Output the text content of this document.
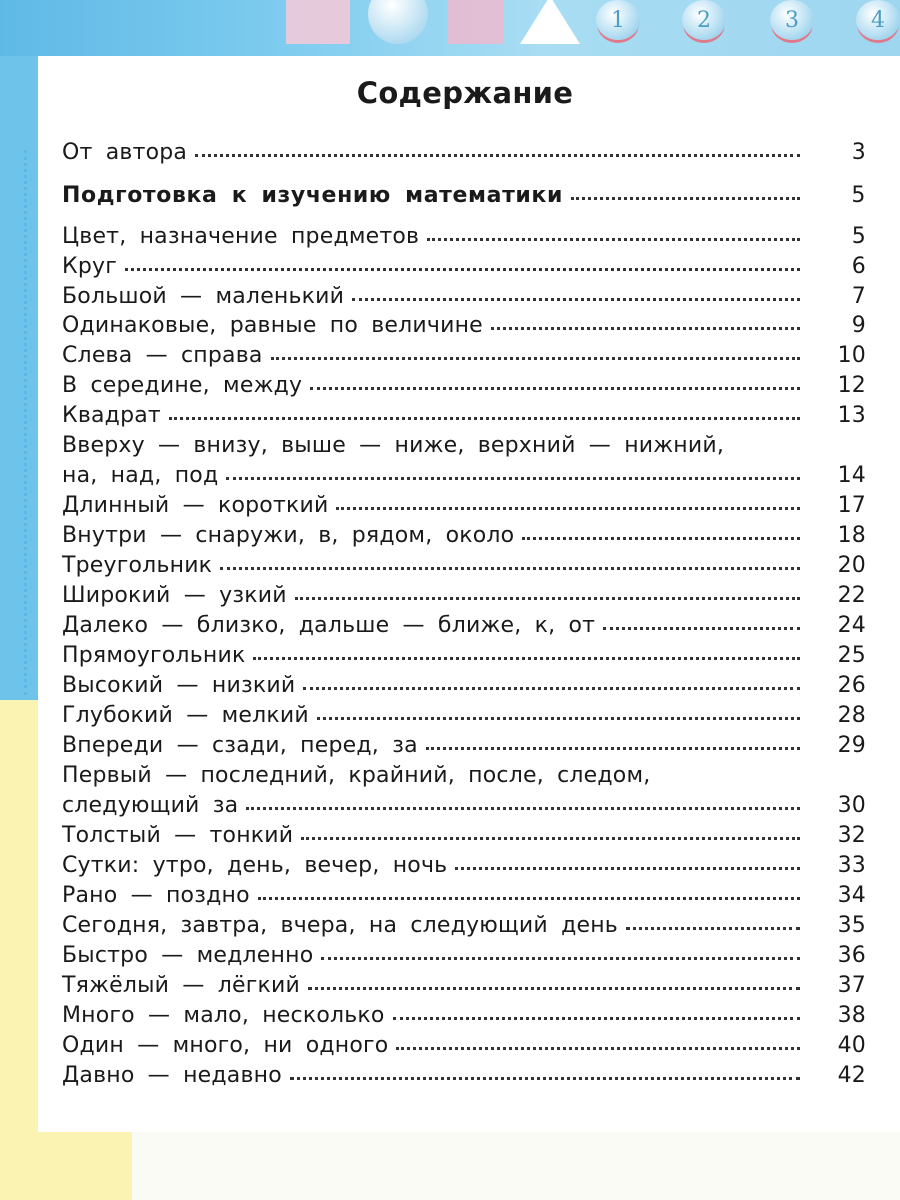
1	2	3	4
Содержание
От автора	3
Подготовка к изучению математики	5
Цвет, назначение предметов	5
Круг	6
Большой — маленький	7
Одинаковые, равные по величине	9
Слева — справа	10
В середине, между	12
Квадрат	13
Вверху — внизу, выше — ниже, верхний — нижний,
на, над, под	14
Длинный — короткий	17
Внутри — снаружи, в, рядом, около	18
Треугольник	20
Широкий — узкий	22
Далеко — близко, дальше — ближе, к, от	24
Прямоугольник	25
Высокий — низкий	26
Глубокий — мелкий	28
Впереди — сзади, перед, за	29
Первый — последний, крайний, после, следом,
следующий за	30
Толстый — тонкий	32
Сутки: утро, день, вечер, ночь	33
Рано — поздно	34
Сегодня, завтра, вчера, на следующий день	35
Быстро — медленно	36
Тяжёлый — лёгкий	37
Много — мало, несколько	38
Один — много, ни одного	40
Давно — недавно	42
